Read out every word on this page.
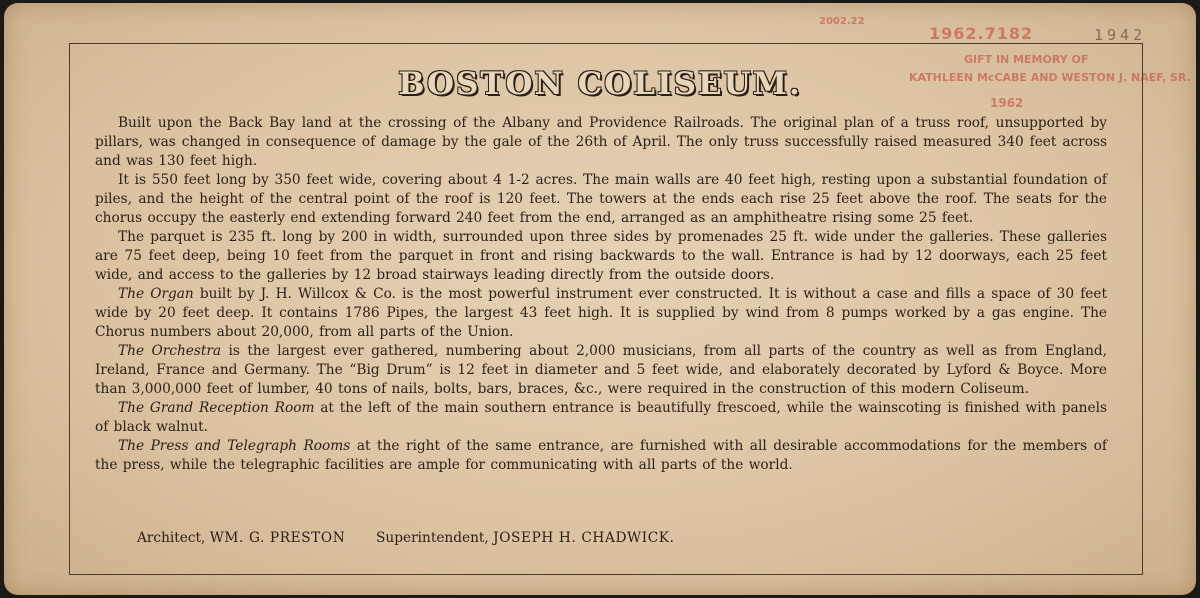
2002.22
1962.7182
GIFT IN MEMORY OF
KATHLEEN McCABE AND WESTON J. NAEF, SR.
1962
1942
BOSTON COLISEUM.

Built upon the Back Bay land at the crossing of the Albany and Providence Railroads. The original plan of a truss roof, unsupported by pillars, was changed in consequence of damage by the gale of the 26th of April. The only truss successfully raised measured 340 feet across and was 130 feet high.

It is 550 feet long by 350 feet wide, covering about 4 1-2 acres. The main walls are 40 feet high, resting upon a substantial foundation of piles, and the height of the central point of the roof is 120 feet. The towers at the ends each rise 25 feet above the roof. The seats for the chorus occupy the easterly end extending forward 240 feet from the end, arranged as an amphitheatre rising some 25 feet.

The parquet is 235 ft. long by 200 in width, surrounded upon three sides by promenades 25 ft. wide under the galleries. These galleries are 75 feet deep, being 10 feet from the parquet in front and rising backwards to the wall. Entrance is had by 12 doorways, each 25 feet wide, and access to the galleries by 12 broad stairways leading directly from the outside doors.

The Organ built by J. H. Willcox & Co. is the most powerful instrument ever constructed. It is without a case and fills a space of 30 feet wide by 20 feet deep. It contains 1786 Pipes, the largest 43 feet high. It is supplied by wind from 8 pumps worked by a gas engine. The Chorus numbers about 20,000, from all parts of the Union.

The Orchestra is the largest ever gathered, numbering about 2,000 musicians, from all parts of the country as well as from England, Ireland, France and Germany. The “Big Drum” is 12 feet in diameter and 5 feet wide, and elaborately decorated by Lyford & Boyce. More than 3,000,000 feet of lumber, 40 tons of nails, bolts, bars, braces, &c., were required in the construction of this modern Coliseum.

The Grand Reception Room at the left of the main southern entrance is beautifully frescoed, while the wainscoting is finished with panels of black walnut.

The Press and Telegraph Rooms at the right of the same entrance, are furnished with all desirable accommodations for the members of the press, while the telegraphic facilities are ample for communicating with all parts of the world.

Architect, WM. G. PRESTON Superintendent, JOSEPH H. CHADWICK.
